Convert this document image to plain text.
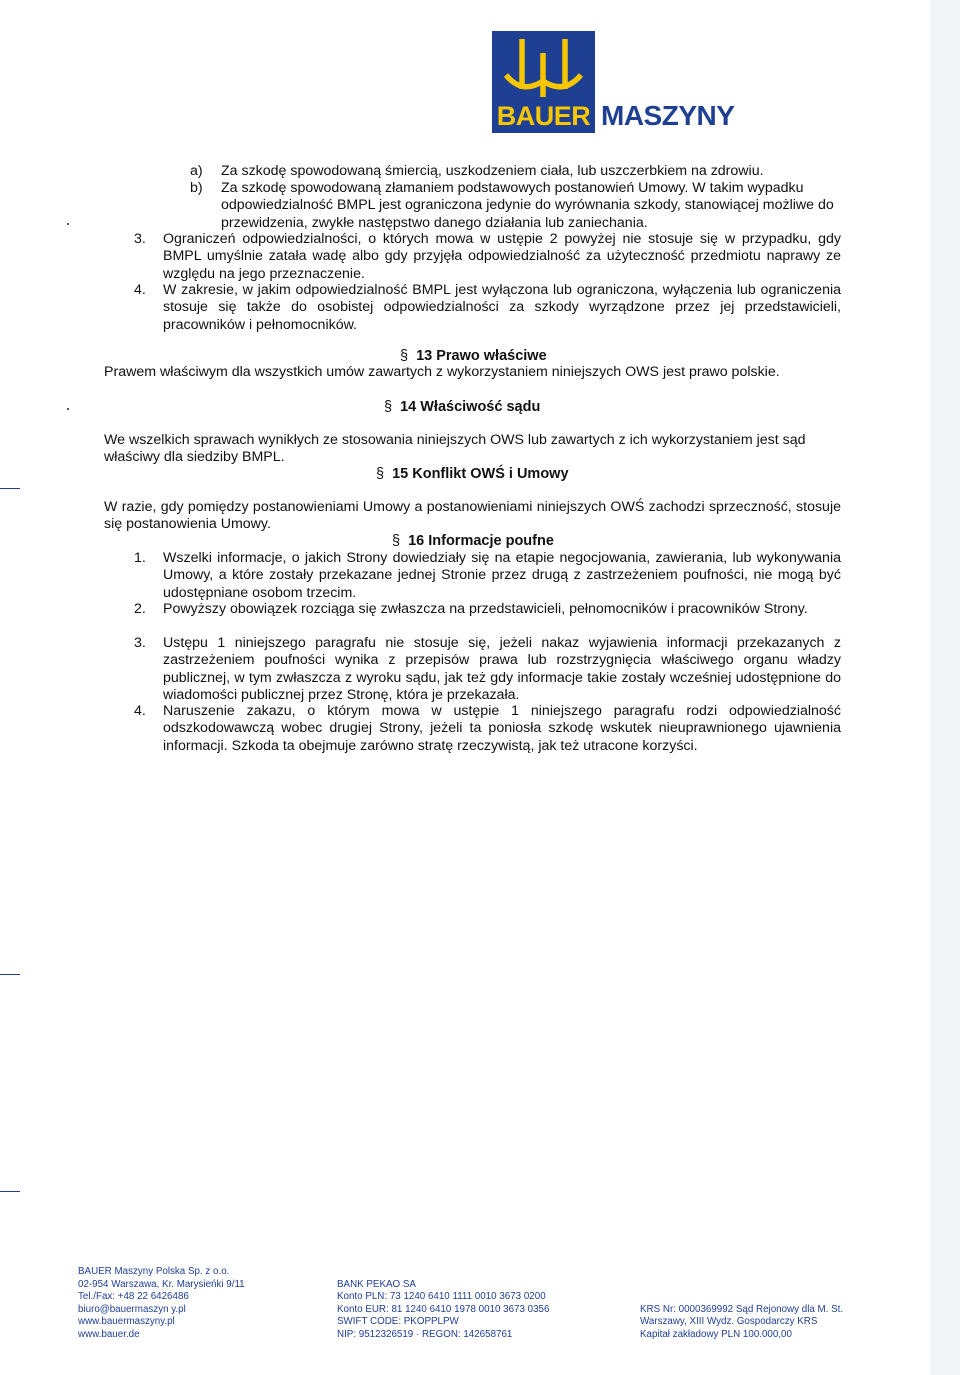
BAUER MASZYNY
a) Za szkodę spowodowaną śmiercią, uszkodzeniem ciała, lub uszczerbkiem na zdrowiu.
b) Za szkodę spowodowaną złamaniem podstawowych postanowień Umowy. W takim wypadku odpowiedzialność BMPL jest ograniczona jedynie do wyrównania szkody, stanowiącej możliwe do przewidzenia, zwykłe następstwo danego działania lub zaniechania.
3. Ograniczeń odpowiedzialności, o których mowa w ustępie 2 powyżej nie stosuje się w przypadku, gdy BMPL umyślnie zatała wadę albo gdy przyjęła odpowiedzialność za użyteczność przedmiotu naprawy ze względu na jego przeznaczenie.
4. W zakresie, w jakim odpowiedzialność BMPL jest wyłączona lub ograniczona, wyłączenia lub ograniczenia stosuje się także do osobistej odpowiedzialności za szkody wyrządzone przez jej przedstawicieli, pracowników i pełnomocników.
§ 13 Prawo właściwe
Prawem właściwym dla wszystkich umów zawartych z wykorzystaniem niniejszych OWS jest prawo polskie.
§ 14 Właściwość sądu
We wszelkich sprawach wynikłych ze stosowania niniejszych OWS lub zawartych z ich wykorzystaniem jest sąd właściwy dla siedziby BMPL.
§ 15 Konflikt OWŚ i Umowy
W razie, gdy pomiędzy postanowieniami Umowy a postanowieniami niniejszych OWŚ zachodzi sprzeczność, stosuje się postanowienia Umowy.
§ 16 Informacje poufne
1. Wszelki informacje, o jakich Strony dowiedziały się na etapie negocjowania, zawierania, lub wykonywania Umowy, a które zostały przekazane jednej Stronie przez drugą z zastrzeżeniem poufności, nie mogą być udostępniane osobom trzecim.
2. Powyższy obowiązek rozciąga się zwłaszcza na przedstawicieli, pełnomocników i pracowników Strony.
3. Ustępu 1 niniejszego paragrafu nie stosuje się, jeżeli nakaz wyjawienia informacji przekazanych z zastrzeżeniem poufności wynika z przepisów prawa lub rozstrzygnięcia właściwego organu władzy publicznej, w tym zwłaszcza z wyroku sądu, jak też gdy informacje takie zostały wcześniej udostępnione do wiadomości publicznej przez Stronę, która je przekazała.
4. Naruszenie zakazu, o którym mowa w ustępie 1 niniejszego paragrafu rodzi odpowiedzialność odszkodowawczą wobec drugiej Strony, jeżeli ta poniosła szkodę wskutek nieuprawnionego ujawnienia informacji. Szkoda ta obejmuje zarówno stratę rzeczywistą, jak też utracone korzyści.
BAUER Maszyny Polska Sp. z o.o.
02-954 Warszawa, Kr. Marysieńki 9/11
Tel./Fax: +48 22 6426486
biuro@bauermaszyn y.pl
www.bauermaszyny.pl
www.bauer.de
BANK PEKAO SA
Konto PLN: 73 1240 6410 1111 0010 3673 0200
Konto EUR: 81 1240 6410 1978 0010 3673 0356
SWIFT CODE: PKOPPLPW
NIP: 9512326519 · REGON: 142658761
KRS Nr: 0000369992 Sąd Rejonowy dla M. St.
Warszawy, XIII Wydz. Gospodarczy KRS
Kapitał zakładowy PLN 100.000,00
